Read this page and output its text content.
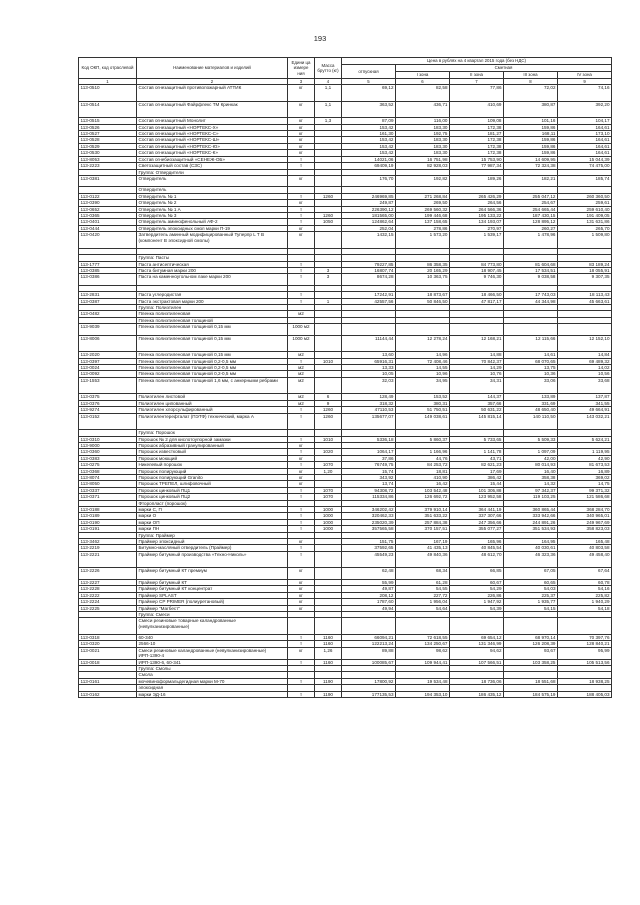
193
Код ОКП, код отраслевой	Наименование материалов и изделий	Едини ца измере ния	Масса брутто (кг)	Цена в рублях на 4 квартал 2015 года (без НДС)				
				отпускная	Сметная			
					I зона	II зона	III зона	IV зона
1	2	3	4	5	6	7	8	9
113-0510	Состав огнезащитный противопожарный АТТИК	кг	1,1	69,12	82,58	77,86	72,02	74,16
113-0514	Состав огнезащитный Файрфлекс ТМ Кринкак	кг	1,1	363,52	436,71	410,69	380,87	392,20
113-0515	Состав огнезащитный Монолит	кг	1,3	87,09	116,00	109,08	101,16	104,17
113-0526	Состав огнезащитный «НОРТЕКС-Х»	кг		153,42	183,30	172,38	159,86	164,61
113-0527	Состав огнезащитный «НОРТЕКС-С»	кг		161,30	192,75	181,27	168,11	173,10
113-0528	Состав огнезащитный «НОРТЕКС-Ш»	кг		153,42	183,30	172,38	159,86	164,61
113-0529	Состав огнезащитный «НОРТЕКС-Ю»	кг		153,42	183,30	172,38	159,86	164,61
113-0530	Состав огнезащитный «НОРТЕКС-К»	кг		153,42	183,30	172,38	159,86	164,61
113-8053	Состав огнебиозащитный «СЕНЕЖ-ОБ»	т		14021,06	16 751,98	15 753,90	14 609,95	15 044,39
113-2223	Светозащитный состав (СЗС)	т		69409,19	82 928,03	77 987,34	72 324,38	74 475,00
	Группа: Отвердители							
113-0381	Отвердитель	кг		176,70	192,82	189,26	182,21	185,74
	Отвердитель							
113-0122	Отвердитель № 1	т	1260	246969,85	271 268,84	265 426,29	255 047,12	260 360,50
113-0390	Отвердитель № 2	кг		249,87	269,50	264,56	254,67	259,61
113-0652	Отвердитель № 1 А	т		226390,12	269 560,32	264 566,36	254 665,44	259 610,40
113-0365	Отвердитель № 3	т	1260	181565,00	199 446,68	195 133,22	187 430,15	191 409,05
113-0401	Отвердитель аминофенольный АФ-2	т	1050	124862,64	137 158,65	134 193,07	128 895,12	131 631,86
113-0444	Отвердитель эпоксидных смол марки П-19	кг		252,04	278,86	270,97	260,27	265,70
113-0420	Затвердитель аминный модифицированный Туперпр L Т В (компонент В эпоксидной смолы)	кг		1432,15	1 573,20	1 539,17	1 478,96	1 509,80

	Группа: Пасты							
113-1777	Паста антисептическая	т		79227,85	86 358,35	84 773,80	81 604,68	83 189,24
113-0385	Паста битумная марки 200	т	3	16807,74	20 165,29	18 907,45	17 534,51	18 055,91
113-0386	Паста на каменноугольном лаке марки 200	т	3	8674,28	10 363,75	9 746,30	9 038,58	9 307,35

113-2831	Паста углеродистая	т		17242,91	18 873,67	18 466,50	17 743,03	18 113,43
113-0387	Паста экстрактовая марки 200	т	1	42557,56	50 846,50	47 817,17	44 344,98	45 663,61
	Группа: Полиэтилен							
113-0482	Пленка полиэтиленовая	м2						
	Пленка полиэтиленовая толщиной							
113-9039	Пленка полиэтиленовая толщиной 0,15 мм	1000 м2						
113-8006	Пленка полиэтиленовая толщиной 0,15 мм	1000 м2		11144,44	12 278,24	12 168,21	12 115,66	12 152,10
113-2020	Пленка полиэтиленовая толщиной 0,15 мм	м2		13,60	14,96	14,88	14,61	14,84
113-0397	Пленка полиэтиленовая толщиной 0,2-0,5 мм	т	1010	65916,31	72 408,46	70 842,37	68 070,65	69 489,32
113-0024	Пленка полиэтиленовая толщиной 0,2-0,5 мм	м2		13,33	14,55	14,29	13,75	14,02
113-0092	Пленка полиэтиленовая толщиной 0,2-0,5 мм	м2		10,05	10,96	10,76	10,36	10,56
113-1553	Пленка полиэтиленовая толщиной 1,6 мм, с анкерными ребрами	м2		32,03	34,95	34,31	33,06	33,68
113-0375	Полиэтилен листовой	м2	6	128,49	153,52	144,37	133,89	137,87
113-0376	Полиэтилен ципованный	м2	9	318,32	380,31	357,66	331,69	341,55
113-9274	Полиэтилен хлорсульфированный	т	1260	47110,53	51 750,51	50 631,22	48 650,40	49 664,91
113-0152	Полиэтилентерефталат (ПЭТФ) технический, марка А	т	1260	135677,07	149 038,61	145 815,14	140 110,50	143 032,21
	Группа: Порошок							
113-0310	Порошок № 2 для кислотоупорной замазки	т	1010	5336,18	5 860,37	5 733,65	5 509,33	5 624,21
113-9000	Порошок абразивный гранулированный	кг						
113-0360	Порошок известковый	т	1020	1064,17	1 166,96	1 141,78	1 097,09	1 119,95
113-0383	Порошок моющий	кг		37,86	44,76	43,71	42,00	42,90
113-0275	Никелевый порошок	т	1070	76749,75	84 253,72	82 621,23	80 014,93	81 673,53
113-0368	Порошок полирующий	кг	1,20	15,74	18,81	17,69	16,40	16,89
113-8074	Порошок полирующий Granito	кг		343,92	410,90	386,42	358,38	369,02
113-8050	Порошок ТРЕПЕЛ, шлифовочный	кг		13,74	16,42	15,44	14,32	14,75
113-0337	Порошок цинковый ПЦ1	т	1070	94308,72	103 542,48	101 305,88	97 342,37	99 371,32
113-0371	Порошок цинковый ПЦ2	т	1070	115334,86	126 692,72	123 952,58	119 103,25	121 586,68
	Фторопласт (порошок)							
113-0188	марки С, П	т	1000	346202,42	379 910,14	364 441,19	360 865,44	368 284,70
113-0189	марки О	т	1000	320462,33	351 633,22	337 307,66	333 942,66	340 965,01
113-0190	марки ОП	т	1000	235020,39	257 884,38	247 356,66	244 891,26	249 967,69
113-0191	марки ПН	т	1000	357565,58	370 157,51	355 077,27	351 534,93	358 823,03
	Группа: Праймер							
113-3462	Праймер эпоксидный	кг		151,75	167,19	165,96	164,95	165,48
113-2219	Битумно-масляный отвердитель (Праймер)	т		37592,65	41 435,13	40 845,54	40 030,61	40 803,58
113-2221	Праймер битумный производства «Техно-Николь»	т		45549,23	49 840,36	48 612,70	46 323,36	49 458,40
113-2226	Праймер битумный КТ премиум	кг		62,48	68,34	66,85	67,05	67,64
113-2227	Праймер битумный КТ	кг		55,99	61,28	60,67	60,65	60,78
113-2228	Праймер битумный КТ концентрат	кг		49,87	54,55	54,29	54,03	54,16
113-2222	Праймер SPLAST	кг		208,12	227,72	226,86	225,37	225,82
113-2224	Праймер CP PRIMER (полиуретановый)	кг		1787,60	1 956,04	1 947,92	1 935,77	1 940,29
113-2225	Праймер "Магбест"	кг		49,94	54,64	54,39	54,15	54,18
	Группа: Смеси							
	Смеси резиновые товарные каландрованные (невулканизированные)							
113-0318	60-340	т	1160	66094,21	72 618,55	69 654,12	68 970,14	70 397,76
113-0320	2566-10	т	1160	122213,24	134 250,67	131 346,99	126 208,39	128 840,21
113-0021	Смеси резиновые каландрованные (невулканизированные) ИРП-1390-4	кг	1,26	89,88	98,62	94,62	93,67	95,99
113-0018	ИРП-1390-6, 60-341	т	1160	100085,67	109 944,41	107 566,51	103 358,25	105 513,56
	Группа: Смолы							
	Смола							
113-0161	мочевиноформальдегидная марки М-70	т	1190	17800,92	19 534,48	18 736,06	18 551,68	18 938,25
	эпоксидная							
113-0162	марки ЭД-16	т	1190	177135,53	194 353,10	186 435,12	184 575,19	188 405,03
